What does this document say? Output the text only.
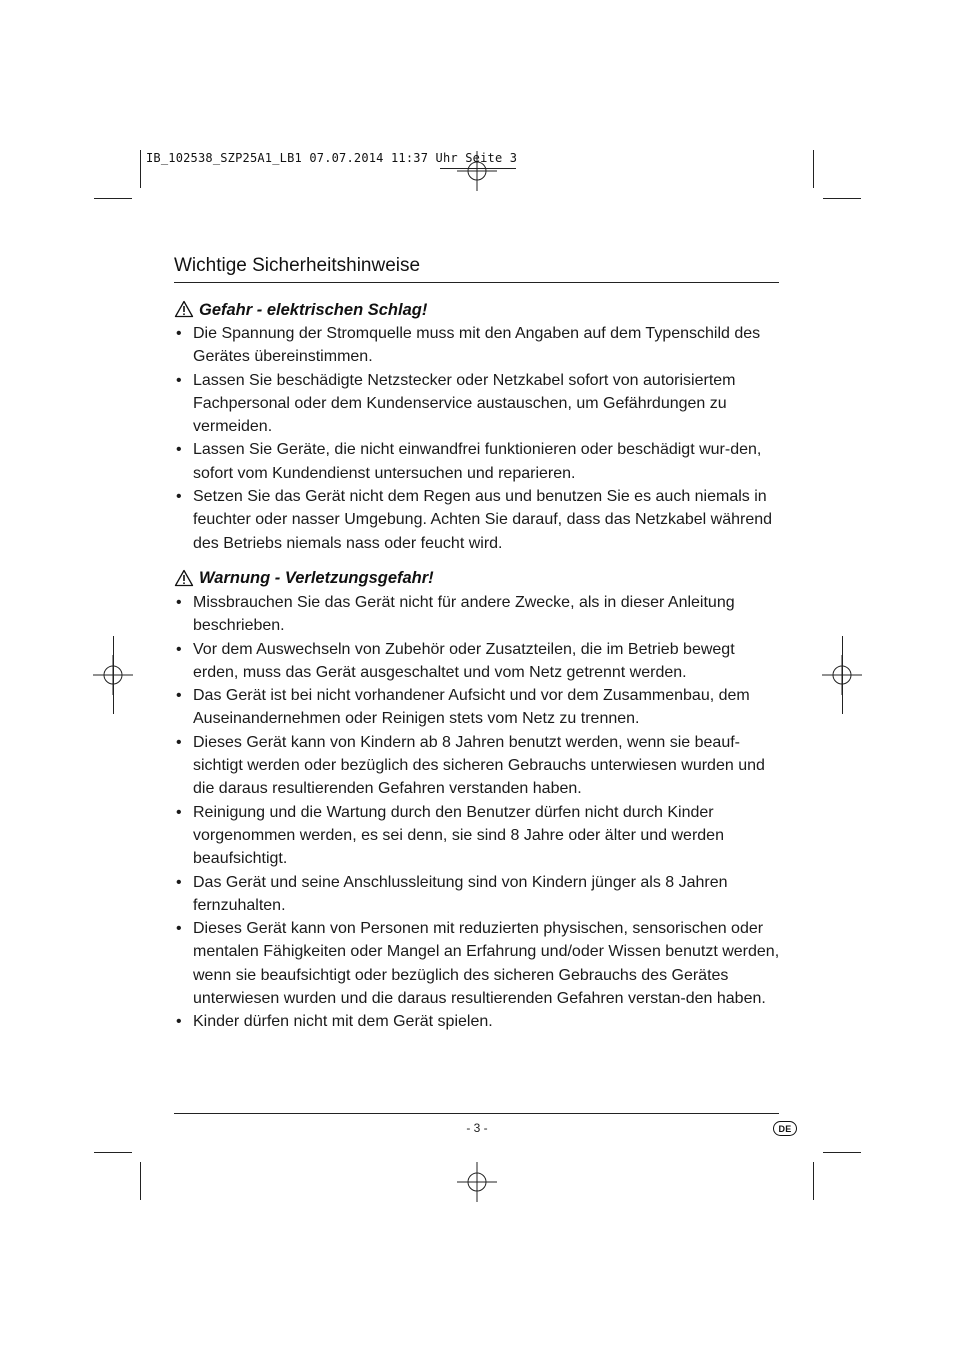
IB_102538_SZP25A1_LB1 07.07.2014 11:37 Uhr Seite 3
Wichtige Sicherheitshinweise
Gefahr - elektrischen Schlag!
• Die Spannung der Stromquelle muss mit den Angaben auf dem Typenschild des Gerätes übereinstimmen.
• Lassen Sie beschädigte Netzstecker oder Netzkabel sofort von autorisiertem Fachpersonal oder dem Kundenservice austauschen, um Gefährdungen zu vermeiden.
• Lassen Sie Geräte, die nicht einwandfrei funktionieren oder beschädigt wur-den, sofort vom Kundendienst untersuchen und reparieren.
• Setzen Sie das Gerät nicht dem Regen aus und benutzen Sie es auch niemals in feuchter oder nasser Umgebung. Achten Sie darauf, dass das Netzkabel während des Betriebs niemals nass oder feucht wird.
Warnung - Verletzungsgefahr!
• Missbrauchen Sie das Gerät nicht für andere Zwecke, als in dieser Anleitung beschrieben.
• Vor dem Auswechseln von Zubehör oder Zusatzteilen, die im Betrieb bewegt erden, muss das Gerät ausgeschaltet und vom Netz getrennt werden.
• Das Gerät ist bei nicht vorhandener Aufsicht und vor dem Zusammenbau, dem Auseinandernehmen oder Reinigen stets vom Netz zu trennen.
• Dieses Gerät kann von Kindern ab 8 Jahren benutzt werden, wenn sie beauf-sichtigt werden oder bezüglich des sicheren Gebrauchs unterwiesen wurden und die daraus resultierenden Gefahren verstanden haben.
• Reinigung und die Wartung durch den Benutzer dürfen nicht durch Kinder vorgenommen werden, es sei denn, sie sind 8 Jahre oder älter und werden beaufsichtigt.
• Das Gerät und seine Anschlussleitung sind von Kindern jünger als 8 Jahren fernzuhalten.
• Dieses Gerät kann von Personen mit reduzierten physischen, sensorischen oder mentalen Fähigkeiten oder Mangel an Erfahrung und/oder Wissen benutzt werden, wenn sie beaufsichtigt oder bezüglich des sicheren Gebrauchs des Gerätes unterwiesen wurden und die daraus resultierenden Gefahren verstan-den haben.
• Kinder dürfen nicht mit dem Gerät spielen.
- 3 -	DE
